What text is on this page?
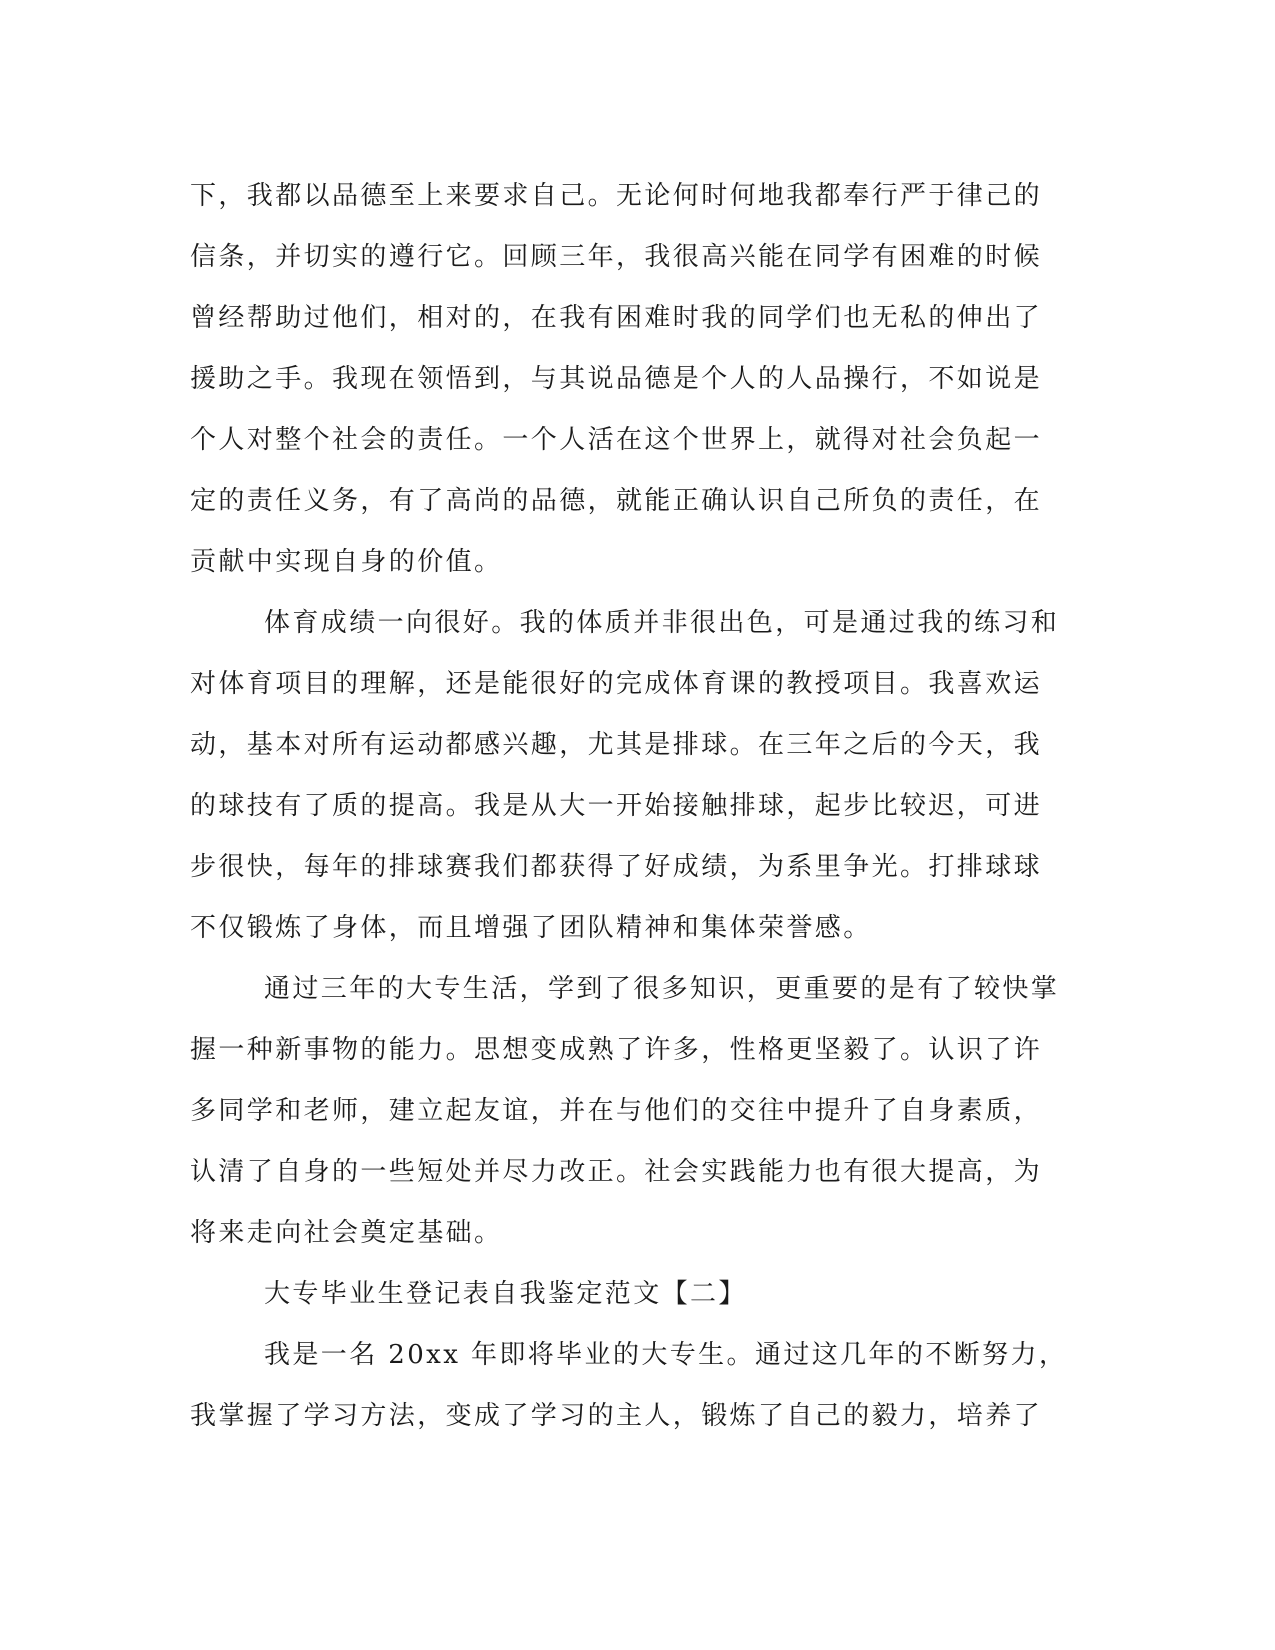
下，我都以品德至上来要求自己。无论何时何地我都奉行严于律己的
信条，并切实的遵行它。回顾三年，我很高兴能在同学有困难的时候
曾经帮助过他们，相对的，在我有困难时我的同学们也无私的伸出了
援助之手。我现在领悟到，与其说品德是个人的人品操行，不如说是
个人对整个社会的责任。一个人活在这个世界上，就得对社会负起一
定的责任义务，有了高尚的品德，就能正确认识自己所负的责任，在
贡献中实现自身的价值。
体育成绩一向很好。我的体质并非很出色，可是通过我的练习和
对体育项目的理解，还是能很好的完成体育课的教授项目。我喜欢运
动，基本对所有运动都感兴趣，尤其是排球。在三年之后的今天，我
的球技有了质的提高。我是从大一开始接触排球，起步比较迟，可进
步很快，每年的排球赛我们都获得了好成绩，为系里争光。打排球球
不仅锻炼了身体，而且增强了团队精神和集体荣誉感。
通过三年的大专生活，学到了很多知识，更重要的是有了较快掌
握一种新事物的能力。思想变成熟了许多，性格更坚毅了。认识了许
多同学和老师，建立起友谊，并在与他们的交往中提升了自身素质，
认清了自身的一些短处并尽力改正。社会实践能力也有很大提高，为
将来走向社会奠定基础。
大专毕业生登记表自我鉴定范文【二】
我是一名 20xx 年即将毕业的大专生。通过这几年的不断努力，
我掌握了学习方法，变成了学习的主人，锻炼了自己的毅力，培养了
